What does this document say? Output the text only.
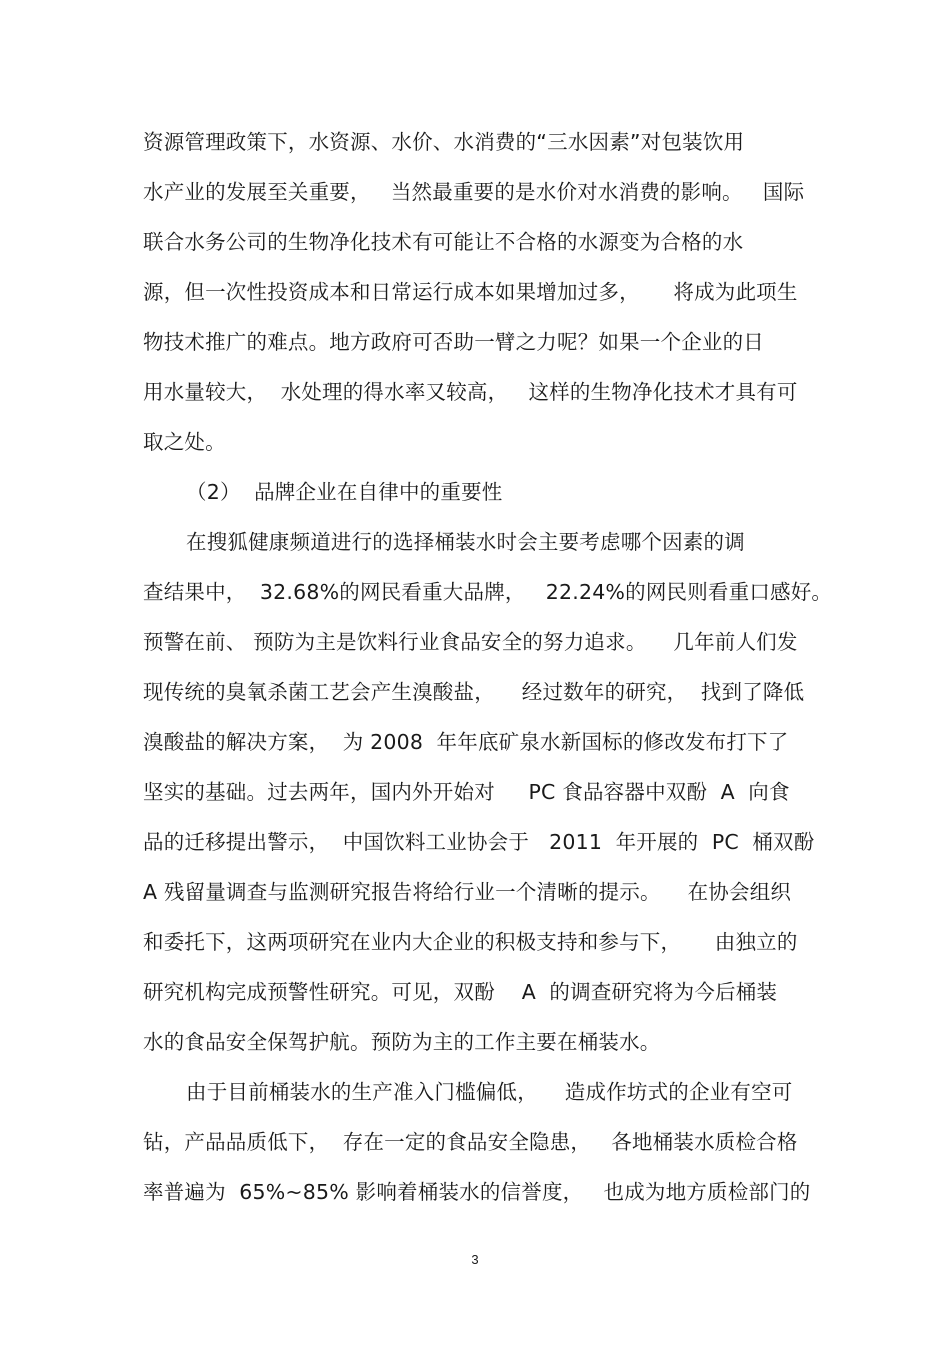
资源管理政策下，水资源、水价、水消费的“三水因素”对包装饮用
水产业的发展至关重要，   当然最重要的是水价对水消费的影响。   国际
联合水务公司的生物净化技术有可能让不合格的水源变为合格的水
源，但一次性投资成本和日常运行成本如果增加过多，     将成为此项生
物技术推广的难点。地方政府可否助一臂之力呢？如果一个企业的日
用水量较大，  水处理的得水率又较高，   这样的生物净化技术才具有可
取之处。
（2）  品牌企业在自律中的重要性
在搜狐健康频道进行的选择桶装水时会主要考虑哪个因素的调
查结果中，  32.68%的网民看重大品牌，   22.24%的网民则看重口感好。
预警在前、 预防为主是饮料行业食品安全的努力追求。    几年前人们发
现传统的臭氧杀菌工艺会产生溴酸盐，    经过数年的研究，  找到了降低
溴酸盐的解决方案，  为 2008  年年底矿泉水新国标的修改发布打下了
坚实的基础。过去两年，国内外开始对     PC 食品容器中双酚  A  向食
品的迁移提出警示，  中国饮料工业协会于   2011  年开展的  PC  桶双酚
A 残留量调查与监测研究报告将给行业一个清晰的提示。    在协会组织
和委托下，这两项研究在业内大企业的积极支持和参与下，     由独立的
研究机构完成预警性研究。可见，双酚    A  的调查研究将为今后桶装
水的食品安全保驾护航。预防为主的工作主要在桶装水。
由于目前桶装水的生产准入门槛偏低，    造成作坊式的企业有空可
钻，产品品质低下，  存在一定的食品安全隐患，   各地桶装水质检合格
率普遍为  65%~85% 影响着桶装水的信誉度，   也成为地方质检部门的
3
